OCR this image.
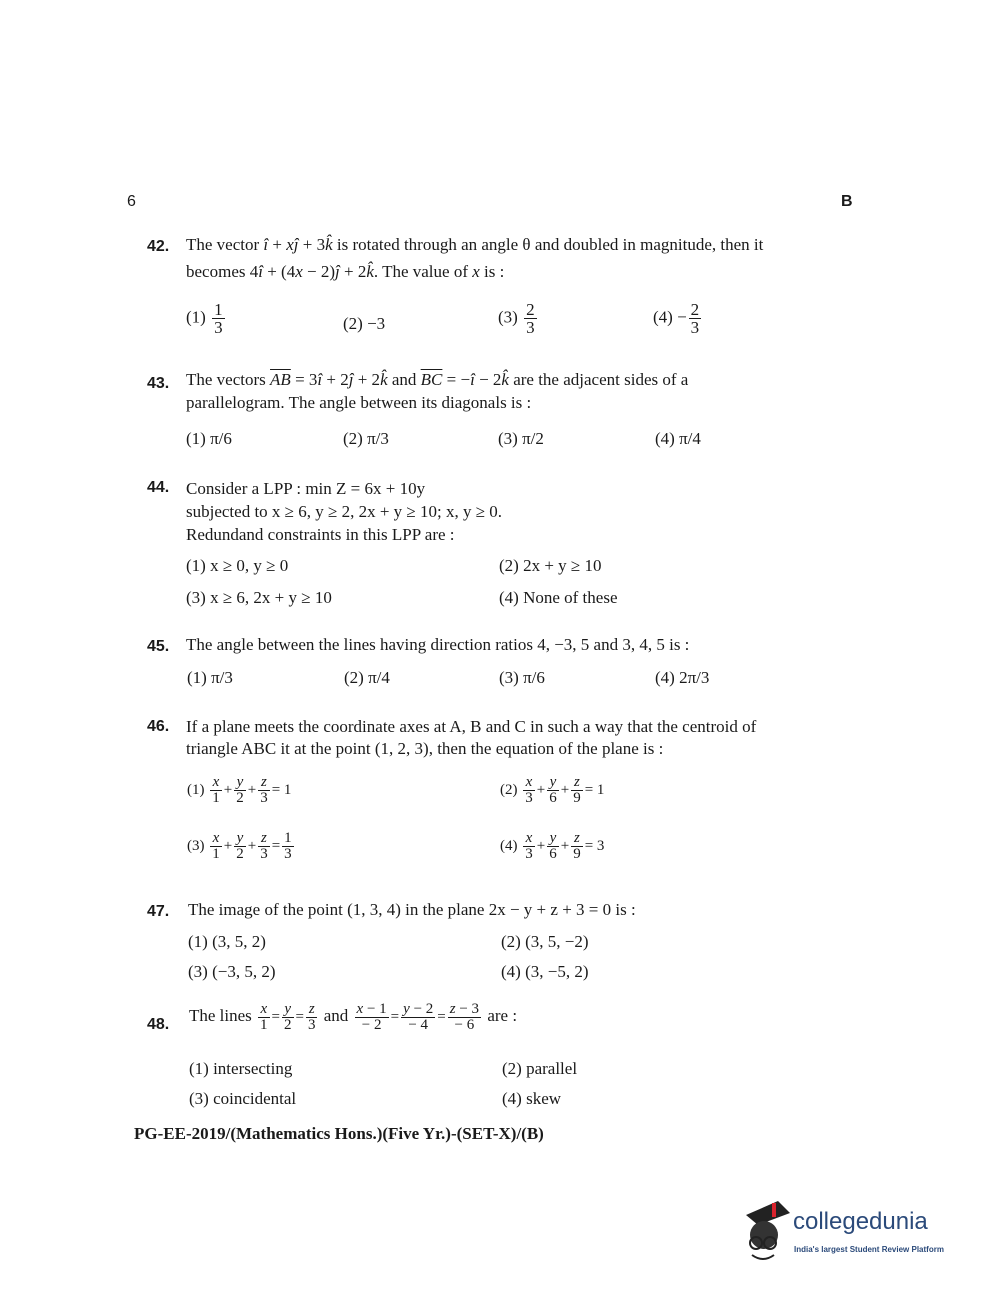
6	B
42. The vector î + xĵ + 3k̂ is rotated through an angle θ and doubled in magnitude, then it
becomes 4î + (4x − 2)ĵ + 2k̂. The value of x is :
$(1) \frac{1}{3}$	(2) −3	$(3) \frac{2}{3}$	$(4) - \frac{2}{3}$
43. The vectors $\overline{AB}$ = 3î + 2ĵ + 2k̂ and $\overline{BC}$ = −î − 2k̂ are the adjacent sides of a
parallelogram. The angle between its diagonals is :
(1) π/6	(2) π/3	(3) π/2	(4) π/4
44. Consider a LPP : min Z = 6x + 10y
subjected to x ≥ 6, y ≥ 2, 2x + y ≥ 10; x, y ≥ 0.
Redundand constraints in this LPP are :
(1) x ≥ 0, y ≥ 0	(2) 2x + y ≥ 10
(3) x ≥ 6, 2x + y ≥ 10	(4) None of these
45. The angle between the lines having direction ratios 4, −3, 5 and 3, 4, 5 is :
(1) π/3	(2) π/4	(3) π/6	(4) 2π/3
46. If a plane meets the coordinate axes at A, B and C in such a way that the centroid of
triangle ABC it at the point (1, 2, 3), then the equation of the plane is :
$(1) \frac{x}{1} + \frac{y}{2} + \frac{z}{3} = 1$	$(2) \frac{x}{3} + \frac{y}{6} + \frac{z}{9} = 1$
$(3) \frac{x}{1} + \frac{y}{2} + \frac{z}{3} = \frac{1}{3}$	$(4) \frac{x}{3} + \frac{y}{6} + \frac{z}{9} = 3$
47. The image of the point (1, 3, 4) in the plane 2x − y + z + 3 = 0 is :
(1) (3, 5, 2)	(2) (3, 5, −2)
(3) (−3, 5, 2)	(4) (3, −5, 2)
48. The lines $\frac{x}{1} = \frac{y}{2} = \frac{z}{3}$ and $\frac{x - 1}{- 2} = \frac{y - 2}{- 4} = \frac{z - 3}{- 6}$ are :
(1) intersecting	(2) parallel
(3) coincidental	(4) skew
PG-EE-2019/(Mathematics Hons.)(Five Yr.)-(SET-X)/(B)
collegedunia
India's largest Student Review Platform
